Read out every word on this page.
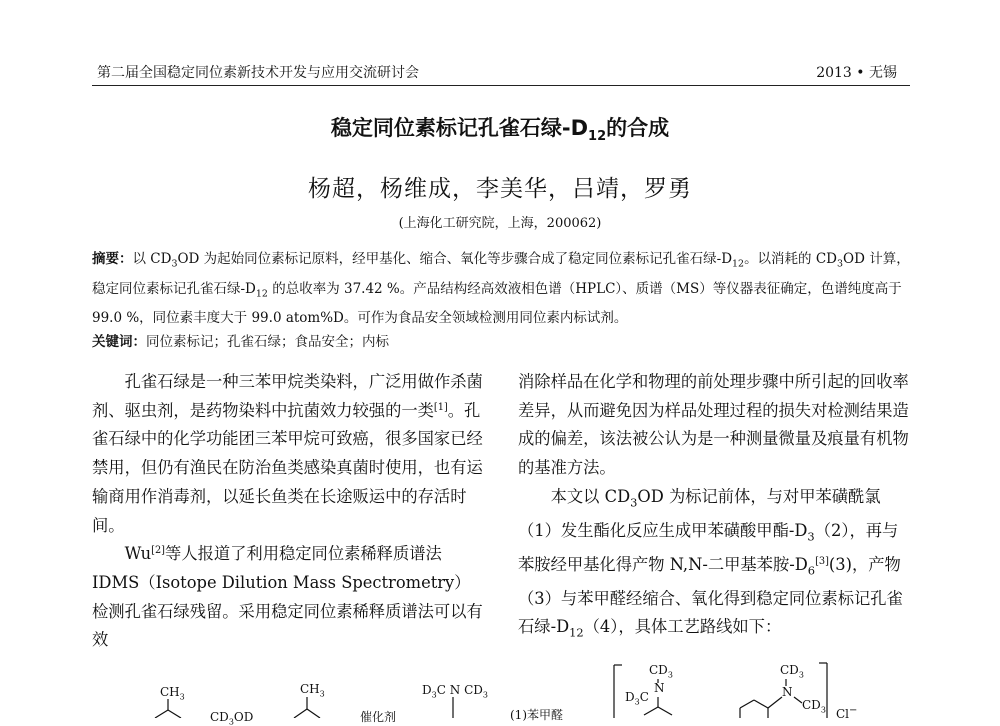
第二届全国稳定同位素新技术开发与应用交流研讨会	2013 • 无锡
稳定同位素标记孔雀石绿$-D_{12}$的合成
杨超，杨维成，李美华，吕靖，罗勇
(上海化工研究院，上海，200062)

摘要：以 $CD_3OD$ 为起始同位素标记原料，经甲基化、缩合、氧化等步骤合成了稳定同位素标记孔雀石绿$-D_{12}$。以消耗的 $CD_3OD$ 计算，稳定同位素标记孔雀石绿$-D_{12}$ 的总收率为 37.42 %。产品结构经高效液相色谱（HPLC）、质谱（MS）等仪器表征确定，色谱纯度高于 99.0 %，同位素丰度大于 99.0 atom%D。可作为食品安全领域检测用同位素内标试剂。

关键词：同位素标记；孔雀石绿；食品安全；内标

孔雀石绿是一种三苯甲烷类染料，广泛用做作杀菌剂、驱虫剂，是药物染料中抗菌效力较强的一类[1]。孔雀石绿中的化学功能团三苯甲烷可致癌，很多国家已经禁用，但仍有渔民在防治鱼类感染真菌时使用，也有运输商用作消毒剂，以延长鱼类在长途贩运中的存活时间。

Wu[2]等人报道了利用稳定同位素稀释质谱法 IDMS（Isotope Dilution Mass Spectrometry）检测孔雀石绿残留。采用稳定同位素稀释质谱法可以有效

消除样品在化学和物理的前处理步骤中所引起的回收率差异，从而避免因为样品处理过程的损失对检测结果造成的偏差，该法被公认为是一种测量微量及痕量有机物的基准方法。

本文以 $CD_3OD$ 为标记前体，与对甲苯磺酰氯（1）发生酯化反应生成甲苯磺酸甲酯$-D_3(2)$，再与苯胺经甲基化得产物 N,N-二甲基苯胺$-D_6[3](3)$，产物（3）与苯甲醛经缩合、氧化得到稳定同位素标记孔雀石绿$-D_{12}(4)$，具体工艺路线如下：

$CH_3$
$CH_3$
$CD_3OD$	催化剂
$D_3C$ N $CD_3$
(1)苯甲醛
$CD_3$
$D_3C$
N
$CD_3$
N
$CD_3$ Cl−
